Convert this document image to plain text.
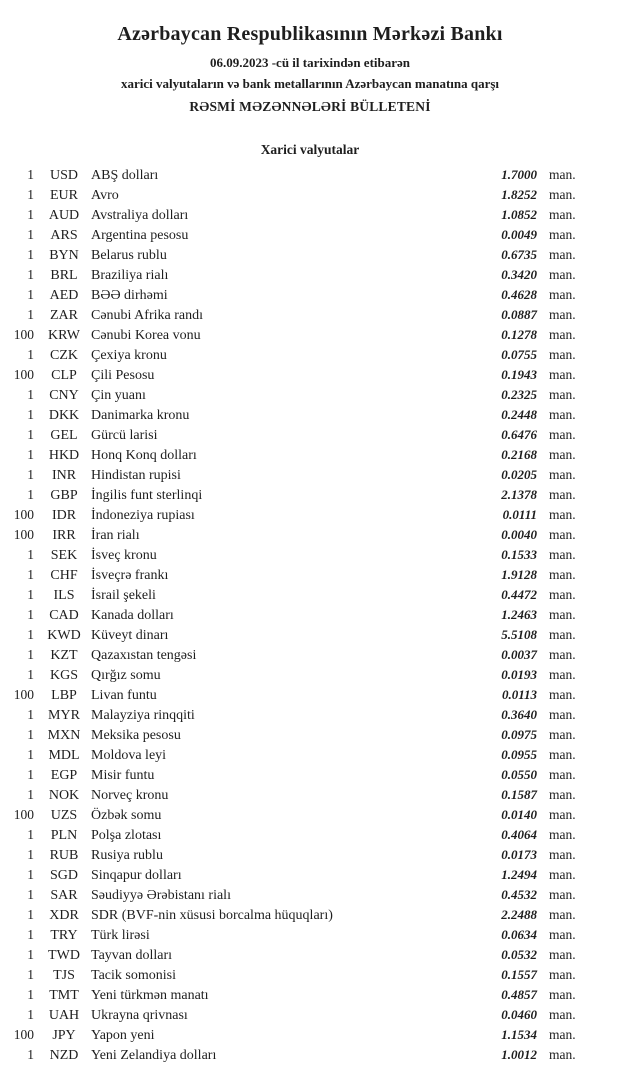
Azərbaycan Respublikasının Mərkəzi Bankı
06.09.2023 -cü il tarixindən etibarən
xarici valyutaların və bank metallarının Azərbaycan manatına qarşı
RƏSMİ MƏZƏNNƏLƏRİ BÜLLETENİ
Xarici valyutalar
1	USD ABŞ dolları	1.7000 man.
1	EUR Avro	1.8252 man.
1	AUD Avstraliya dolları	1.0852 man.
1	ARS Argentina pesosu	0.0049 man.
1	BYN Belarus rublu	0.6735 man.
1	BRL Braziliya rialı	0.3420 man.
1	AED BƏƏ dirhəmi	0.4628 man.
1	ZAR Cənubi Afrika randı	0.0887 man.
100	KRW Cənubi Korea vonu	0.1278 man.
1	CZK Çexiya kronu	0.0755 man.
100	CLP	Çili Pesosu	0.1943 man.
1	CNY Çin yuanı	0.2325 man.
1	DKK Danimarka kronu	0.2448 man.
1	GEL Gürcü larisi	0.6476 man.
1	HKD Honq Konq dolları	0.2168 man.
1	INR	Hindistan rupisi	0.0205 man.
1	GBP İngilis funt sterlinqi	2.1378 man.
100	IDR	İndoneziya rupiası	0.0111 man.
100	IRR	İran rialı	0.0040 man.
1	SEK İsveç kronu	0.1533 man.
1	CHF İsveçrə frankı	1.9128 man.
1	ILS	İsrail şekeli	0.4472 man.
1	CAD Kanada dolları	1.2463 man.
1 KWD Küveyt dinarı	5.5108 man.
1	KZT Qazaxıstan tengəsi	0.0037 man.
1	KGS Qırğız somu	0.0193 man.
100	LBP	Livan funtu	0.0113 man.
1	MYR Malayziya rinqqiti	0.3640 man.
1 MXN Meksika pesosu	0.0975 man.
1	MDL Moldova leyi	0.0955 man.
1	EGP Misir funtu	0.0550 man.
1	NOK Norveç kronu	0.1587 man.
100	UZS Özbək somu	0.0140 man.
1	PLN Polşa zlotası	0.4064 man.
1	RUB Rusiya rublu	0.0173 man.
1	SGD Sinqapur dolları	1.2494 man.
1	SAR Səudiyyə Ərəbistanı rialı	0.4532 man.
1	XDR SDR (BVF-nin xüsusi borcalma hüquqları)	2.2488 man.
1	TRY Türk lirəsi	0.0634 man.
1	TWD Tayvan dolları	0.0532 man.
1	TJS	Tacik somonisi	0.1557 man.
1	TMT Yeni türkmən manatı	0.4857 man.
1	UAH Ukrayna qrivnası	0.0460 man.
100	JPY	Yapon yeni	1.1534 man.
1	NZD Yeni Zelandiya dolları	1.0012 man.
